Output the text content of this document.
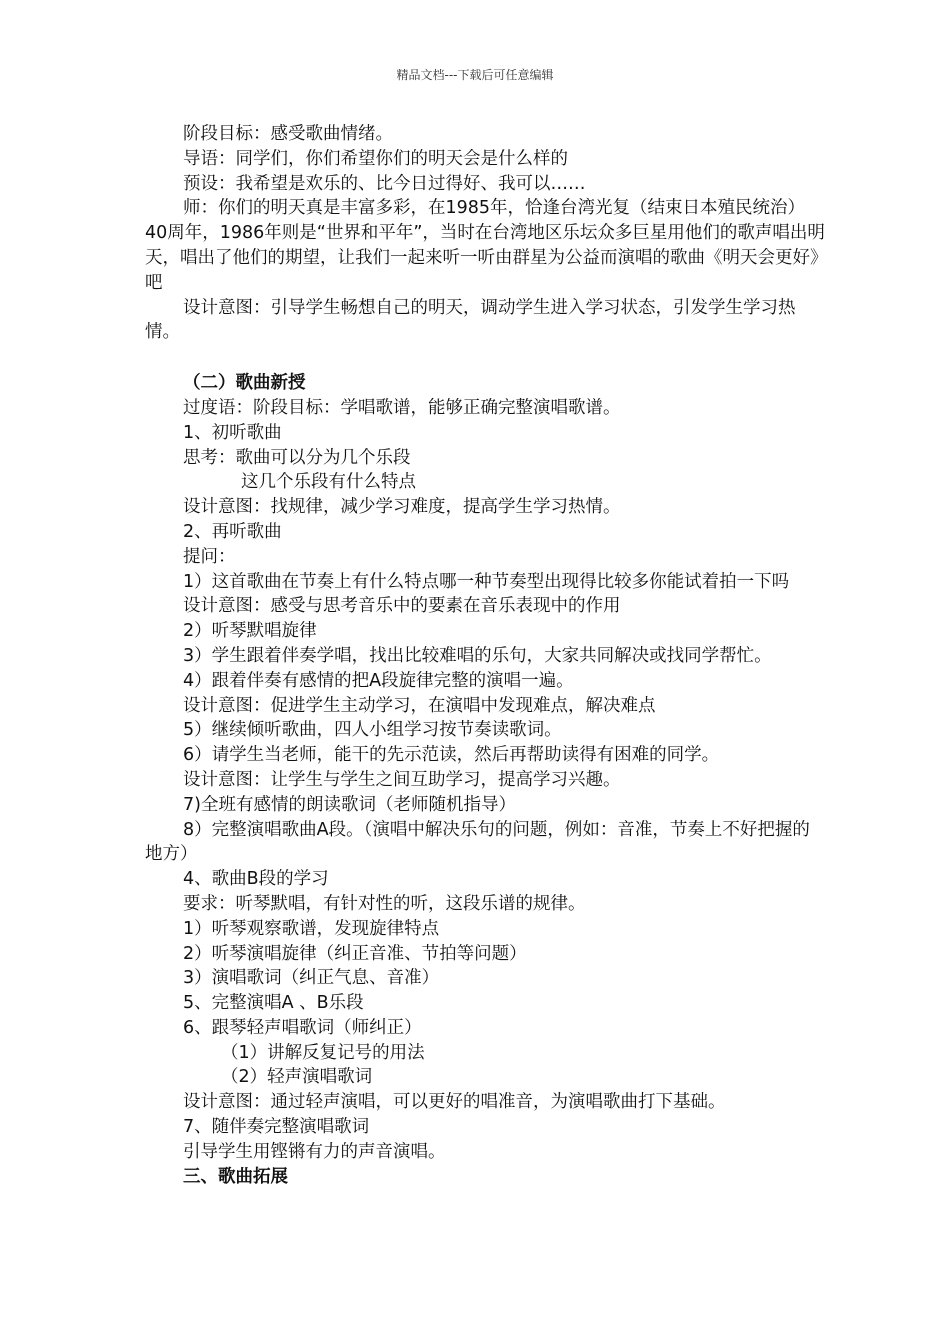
精品文档---下载后可任意编辑

阶段目标：感受歌曲情绪。

导语：同学们，你们希望你们的明天会是什么样的

预设：我希望是欢乐的、比今日过得好、我可以……

师：你们的明天真是丰富多彩，在1985年，恰逢台湾光复（结束日本殖民统治）40周年，1986年则是“世界和平年”，当时在台湾地区乐坛众多巨星用他们的歌声唱出明天，唱出了他们的期望，让我们一起来听一听由群星为公益而演唱的歌曲《明天会更好》吧

设计意图：引导学生畅想自己的明天，调动学生进入学习状态，引发学生学习热情。

（二）歌曲新授

过度语：阶段目标：学唱歌谱，能够正确完整演唱歌谱。

1、初听歌曲

思考：歌曲可以分为几个乐段

这几个乐段有什么特点

设计意图：找规律，减少学习难度，提高学生学习热情。

2、再听歌曲

提问：

1）这首歌曲在节奏上有什么特点哪一种节奏型出现得比较多你能试着拍一下吗

设计意图：感受与思考音乐中的要素在音乐表现中的作用

2）听琴默唱旋律

3）学生跟着伴奏学唱，找出比较难唱的乐句，大家共同解决或找同学帮忙。

4）跟着伴奏有感情的把A段旋律完整的演唱一遍。

设计意图：促进学生主动学习，在演唱中发现难点，解决难点

5）继续倾听歌曲，四人小组学习按节奏读歌词。

6）请学生当老师，能干的先示范读，然后再帮助读得有困难的同学。

设计意图：让学生与学生之间互助学习，提高学习兴趣。

7)全班有感情的朗读歌词（老师随机指导）

8）完整演唱歌曲A段。（演唱中解决乐句的问题，例如：音准，节奏上不好把握的地方）

4、歌曲B段的学习

要求：听琴默唱，有针对性的听，这段乐谱的规律。

1）听琴观察歌谱，发现旋律特点

2）听琴演唱旋律（纠正音准、节拍等问题）

3）演唱歌词（纠正气息、音准）

5、完整演唱A 、B乐段

6、跟琴轻声唱歌词（师纠正）

（1）讲解反复记号的用法

（2）轻声演唱歌词

设计意图：通过轻声演唱，可以更好的唱准音，为演唱歌曲打下基础。

7、随伴奏完整演唱歌词

引导学生用铿锵有力的声音演唱。

三、歌曲拓展
